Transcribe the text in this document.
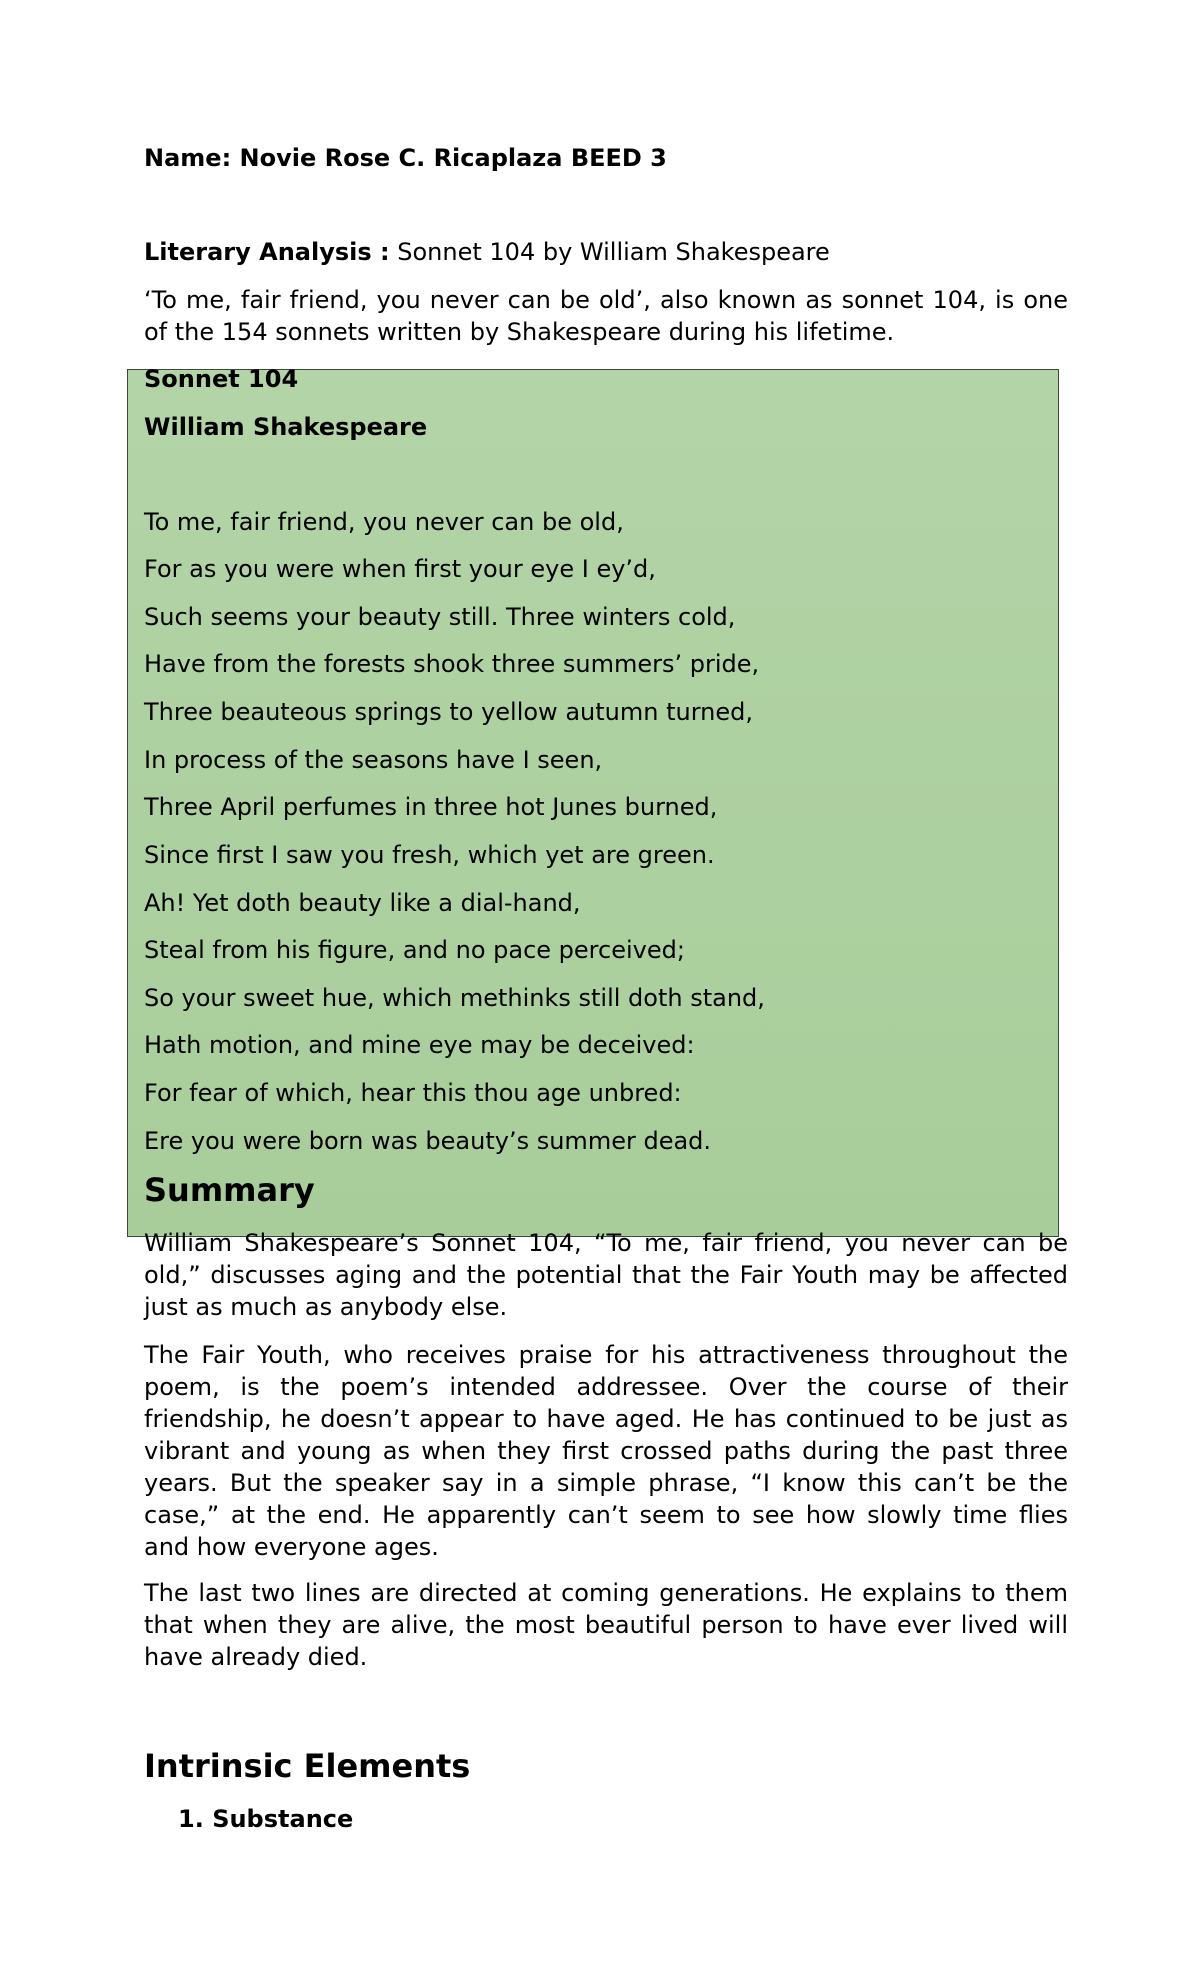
Name: Novie Rose C. Ricaplaza BEED 3

Literary Analysis : Sonnet 104 by William Shakespeare

‘To me, fair friend, you never can be old’, also known as sonnet 104, is one of the 154 sonnets written by Shakespeare during his lifetime.

Sonnet 104

William Shakespeare

To me, fair friend, you never can be old,

For as you were when first your eye I ey’d,

Such seems your beauty still. Three winters cold,

Have from the forests shook three summers’ pride,

Three beauteous springs to yellow autumn turned,

In process of the seasons have I seen,

Three April perfumes in three hot Junes burned,

Since first I saw you fresh, which yet are green.

Ah! Yet doth beauty like a dial-hand,

Steal from his figure, and no pace perceived;

So your sweet hue, which methinks still doth stand,

Hath motion, and mine eye may be deceived:

For fear of which, hear this thou age unbred:

Ere you were born was beauty’s summer dead.

Summary

William Shakespeare’s Sonnet 104, “To me, fair friend, you never can be old,” discusses aging and the potential that the Fair Youth may be affected just as much as anybody else.

The Fair Youth, who receives praise for his attractiveness throughout the poem, is the poem’s intended addressee. Over the course of their friendship, he doesn’t appear to have aged. He has continued to be just as vibrant and young as when they first crossed paths during the past three years. But the speaker say in a simple phrase, “I know this can’t be the case,” at the end. He apparently can’t seem to see how slowly time flies and how everyone ages.

The last two lines are directed at coming generations. He explains to them that when they are alive, the most beautiful person to have ever lived will have already died.

Intrinsic Elements

1. Substance
